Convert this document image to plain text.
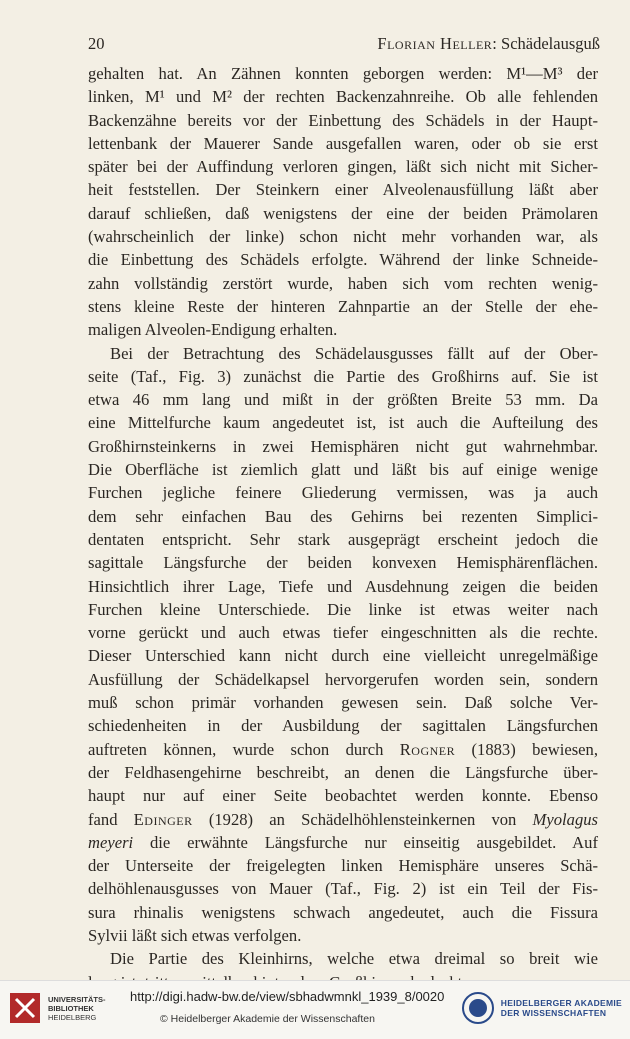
20	Florian Heller: Schädelausguß
gehalten hat. An Zähnen konnten geborgen werden: M¹—M³ der
linken, M¹ und M² der rechten Backenzahnreihe. Ob alle fehlenden
Backenzähne bereits vor der Einbettung des Schädels in der Haupt-
lettenbank der Mauerer Sande ausgefallen waren, oder ob sie erst
später bei der Auffindung verloren gingen, läßt sich nicht mit Sicher-
heit feststellen. Der Steinkern einer Alveolenausfüllung läßt aber
darauf schließen, daß wenigstens der eine der beiden Prämolaren
(wahrscheinlich der linke) schon nicht mehr vorhanden war, als
die Einbettung des Schädels erfolgte. Während der linke Schneide-
zahn vollständig zerstört wurde, haben sich vom rechten wenig-
stens kleine Reste der hinteren Zahnpartie an der Stelle der ehe-
maligen Alveolen-Endigung erhalten.
Bei der Betrachtung des Schädelausgusses fällt auf der Ober-
seite (Taf., Fig. 3) zunächst die Partie des Großhirns auf. Sie ist
etwa 46 mm lang und mißt in der größten Breite 53 mm. Da
eine Mittelfurche kaum angedeutet ist, ist auch die Aufteilung des
Großhirnsteinkerns in zwei Hemisphären nicht gut wahrnehmbar.
Die Oberfläche ist ziemlich glatt und läßt bis auf einige wenige
Furchen jegliche feinere Gliederung vermissen, was ja auch
dem sehr einfachen Bau des Gehirns bei rezenten Simplici-
dentaten entspricht. Sehr stark ausgeprägt erscheint jedoch die
sagittale Längsfurche der beiden konvexen Hemisphärenflächen.
Hinsichtlich ihrer Lage, Tiefe und Ausdehnung zeigen die beiden
Furchen kleine Unterschiede. Die linke ist etwas weiter nach
vorne gerückt und auch etwas tiefer eingeschnitten als die rechte.
Dieser Unterschied kann nicht durch eine vielleicht unregelmäßige
Ausfüllung der Schädelkapsel hervorgerufen worden sein, sondern
muß schon primär vorhanden gewesen sein. Daß solche Ver-
schiedenheiten in der Ausbildung der sagittalen Längsfurchen
auftreten können, wurde schon durch Rogner (1883) bewiesen,
der Feldhasengehirne beschreibt, an denen die Längsfurche über-
haupt nur auf einer Seite beobachtet werden konnte. Ebenso
fand Edinger (1928) an Schädelhöhlensteinkernen von Myolagus
meyeri die erwähnte Längsfurche nur einseitig ausgebildet. Auf
der Unterseite der freigelegten linken Hemisphäre unseres Schä-
delhöhlenausgusses von Mauer (Taf., Fig. 2) ist ein Teil der Fis-
sura rhinalis wenigstens schwach angedeutet, auch die Fissura
Sylvii läßt sich etwas verfolgen.
Die Partie des Kleinhirns, welche etwa dreimal so breit wie
UNIVERSITÄTS-
BIBLIOTHEK
HEIDELBERG
http://digi.hadw-bw.de/view/sbhadwmnkl_1939_8/0020
© Heidelberger Akademie der Wissenschaften
HEIDELBERGER AKADEMIE
DER WISSENSCHAFTEN
